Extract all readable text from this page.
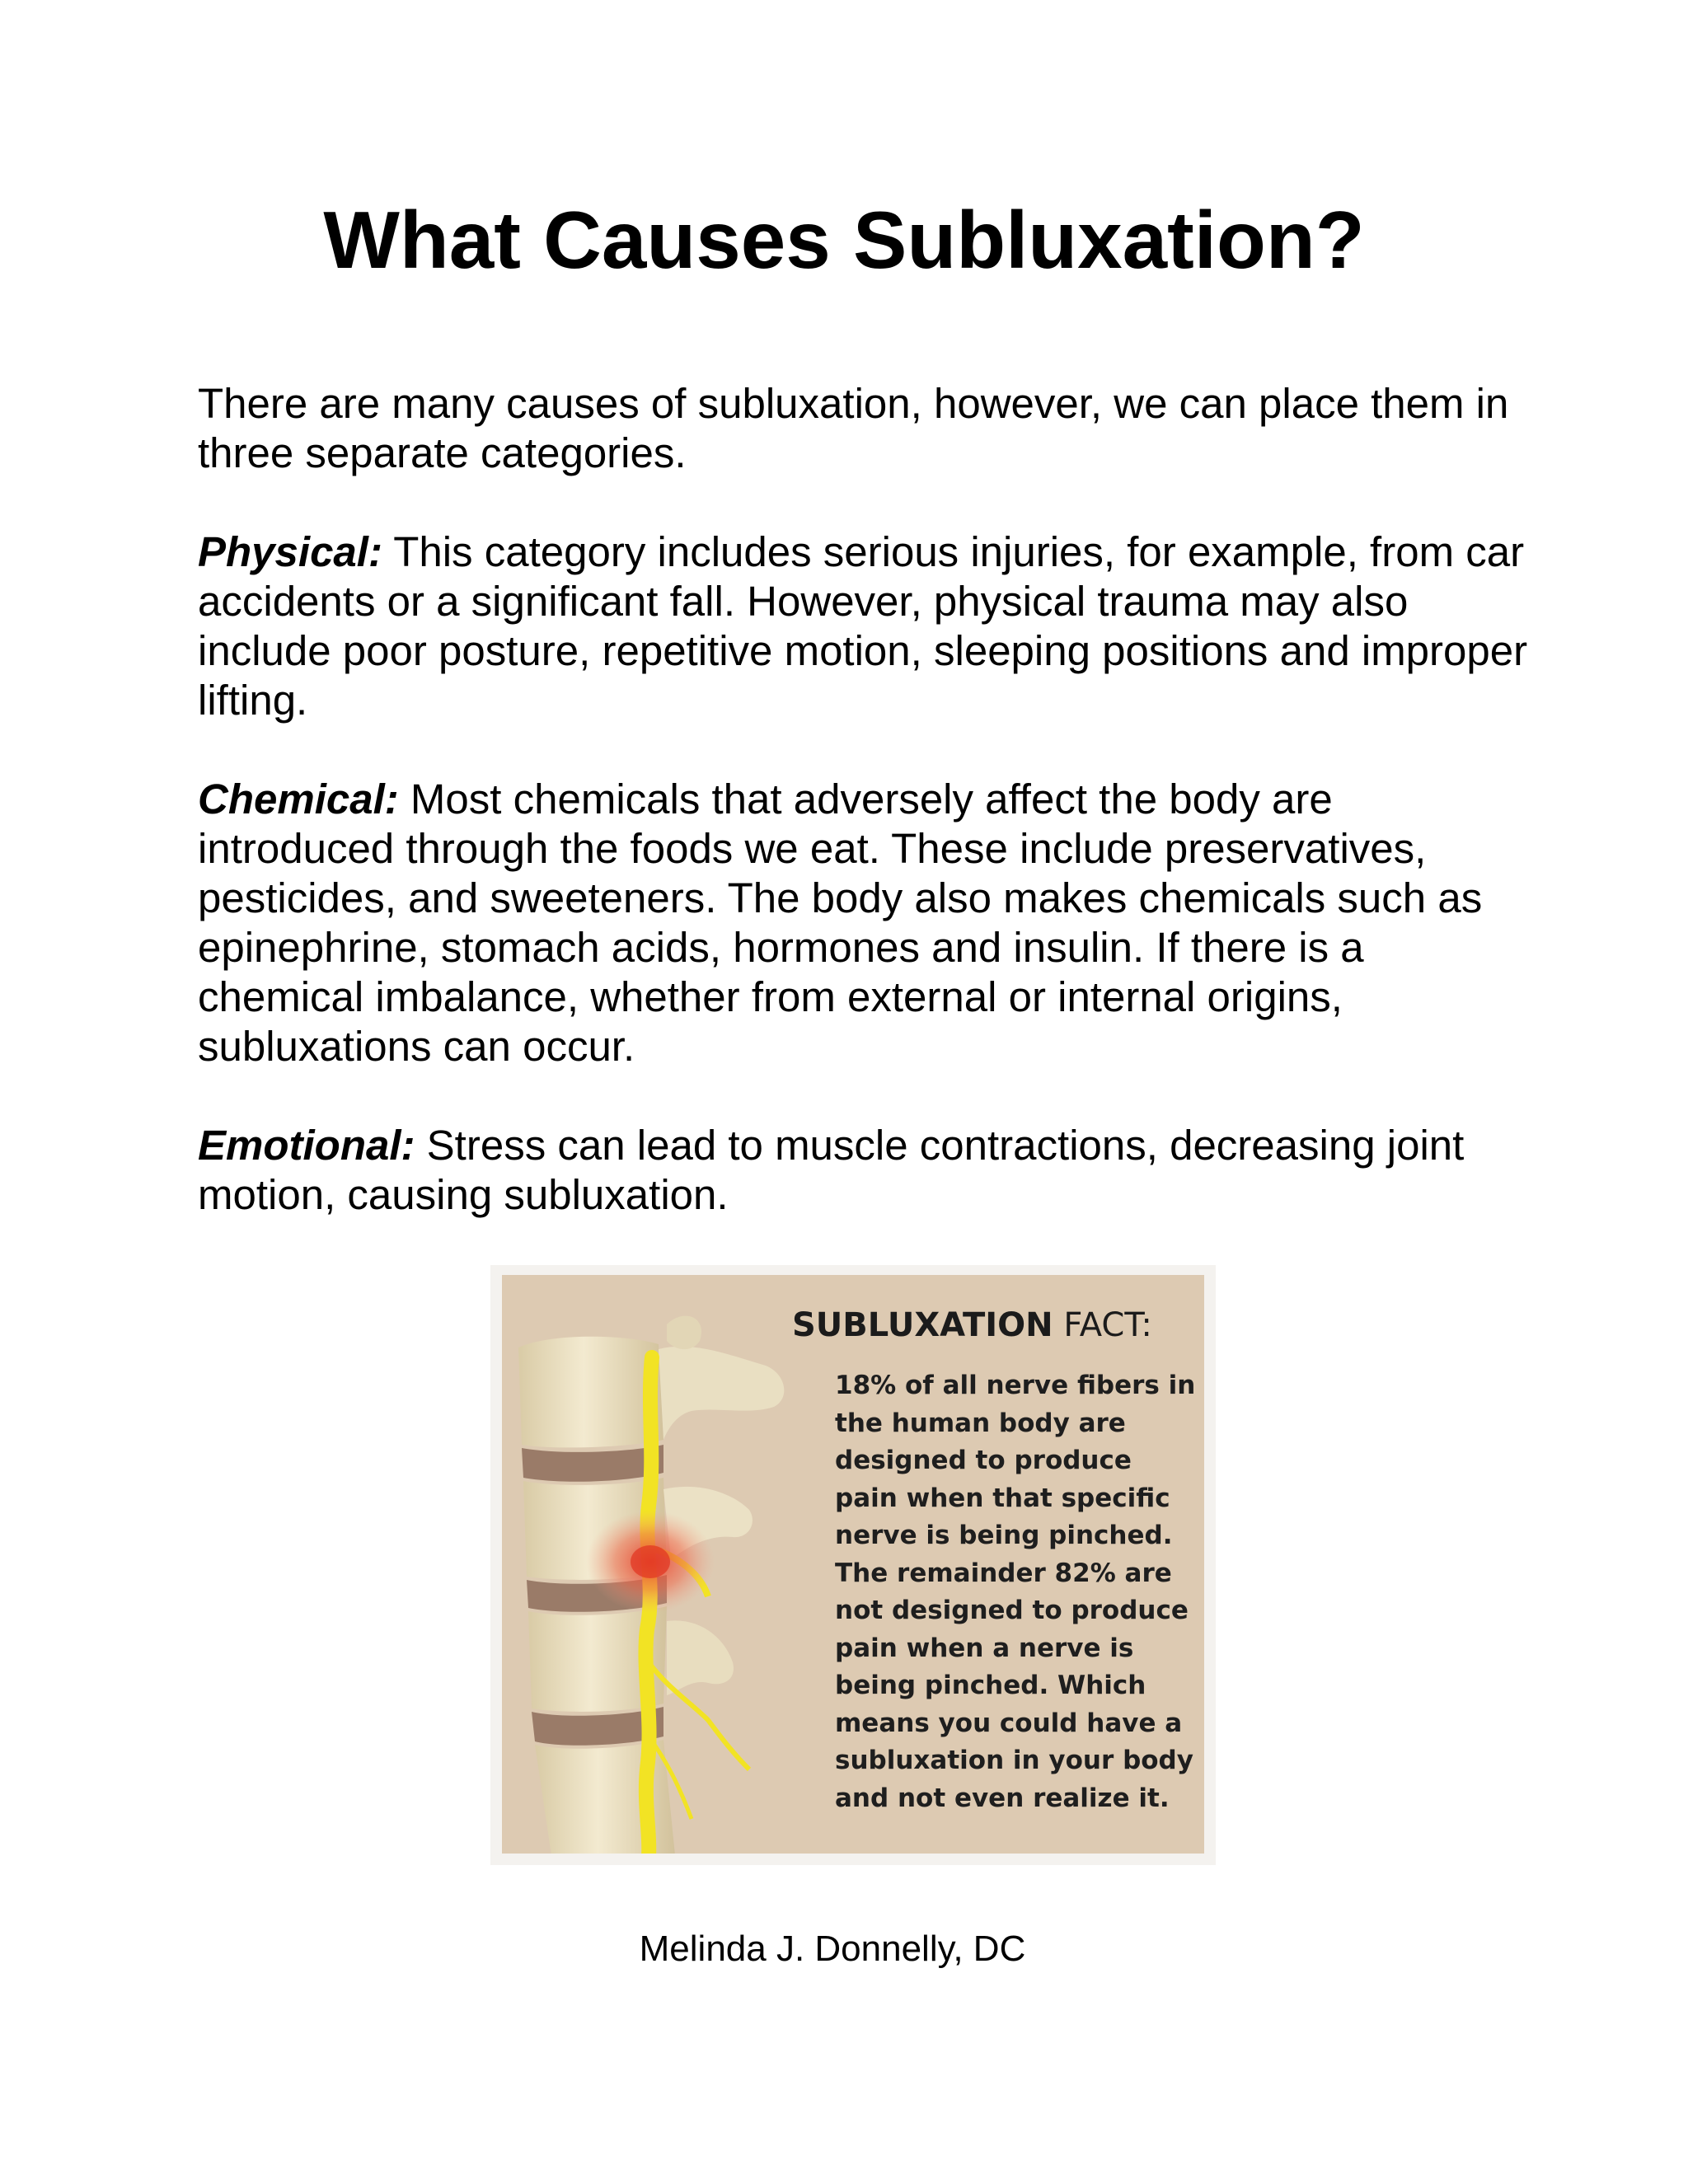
What Causes Subluxation?

There are many causes of subluxation, however, we can place them in three separate categories.

Physical: This category includes serious injuries, for example, from car accidents or a significant fall. However, physical trauma may also include poor posture, repetitive motion, sleeping positions and improper lifting.

Chemical: Most chemicals that adversely affect the body are introduced through the foods we eat. These include preservatives, pesticides, and sweeteners. The body also makes chemicals such as epinephrine, stomach acids, hormones and insulin. If there is a chemical imbalance, whether from external or internal origins, subluxations can occur.

Emotional: Stress can lead to muscle contractions, decreasing joint motion, causing subluxation.

SUBLUXATION FACT:
18% of all nerve fibers in
the human body are
designed to produce
pain when that specific
nerve is being pinched.
The remainder 82% are
not designed to produce
pain when a nerve is
being pinched. Which
means you could have a
subluxation in your body
and not even realize it.
Melinda J. Donnelly, DC
